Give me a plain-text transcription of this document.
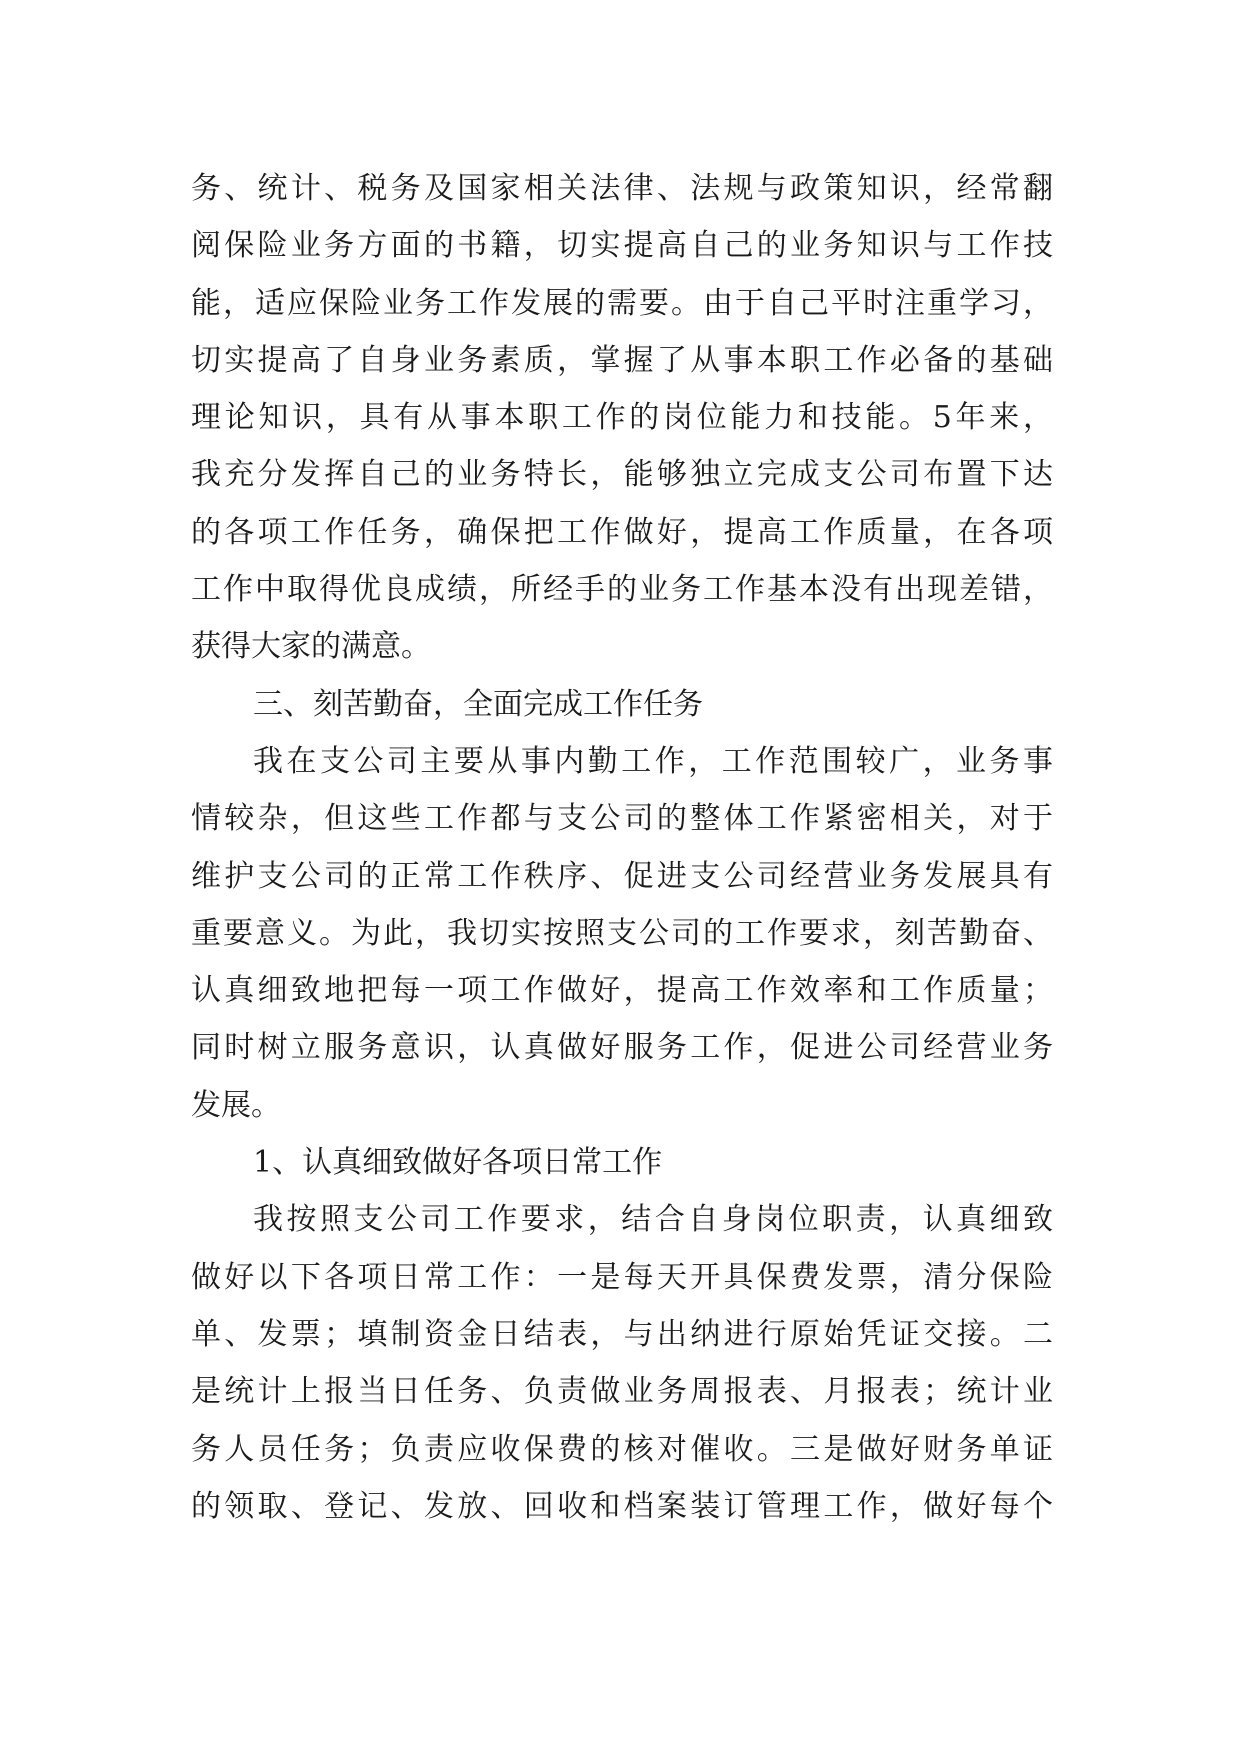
务、统计、税务及国家相关法律、法规与政策知识，经常翻
阅保险业务方面的书籍，切实提高自己的业务知识与工作技
能，适应保险业务工作发展的需要。由于自己平时注重学习，
切实提高了自身业务素质，掌握了从事本职工作必备的基础
理论知识，具有从事本职工作的岗位能力和技能。5年来，
我充分发挥自己的业务特长，能够独立完成支公司布置下达
的各项工作任务，确保把工作做好，提高工作质量，在各项
工作中取得优良成绩，所经手的业务工作基本没有出现差错，
获得大家的满意。
三、刻苦勤奋，全面完成工作任务
我在支公司主要从事内勤工作，工作范围较广，业务事
情较杂，但这些工作都与支公司的整体工作紧密相关，对于
维护支公司的正常工作秩序、促进支公司经营业务发展具有
重要意义。为此，我切实按照支公司的工作要求，刻苦勤奋、
认真细致地把每一项工作做好，提高工作效率和工作质量；
同时树立服务意识，认真做好服务工作，促进公司经营业务
发展。
1、认真细致做好各项日常工作
我按照支公司工作要求，结合自身岗位职责，认真细致
做好以下各项日常工作：一是每天开具保费发票，清分保险
单、发票；填制资金日结表，与出纳进行原始凭证交接。二
是统计上报当日任务、负责做业务周报表、月报表；统计业
务人员任务；负责应收保费的核对催收。三是做好财务单证
的领取、登记、发放、回收和档案装订管理工作，做好每个
